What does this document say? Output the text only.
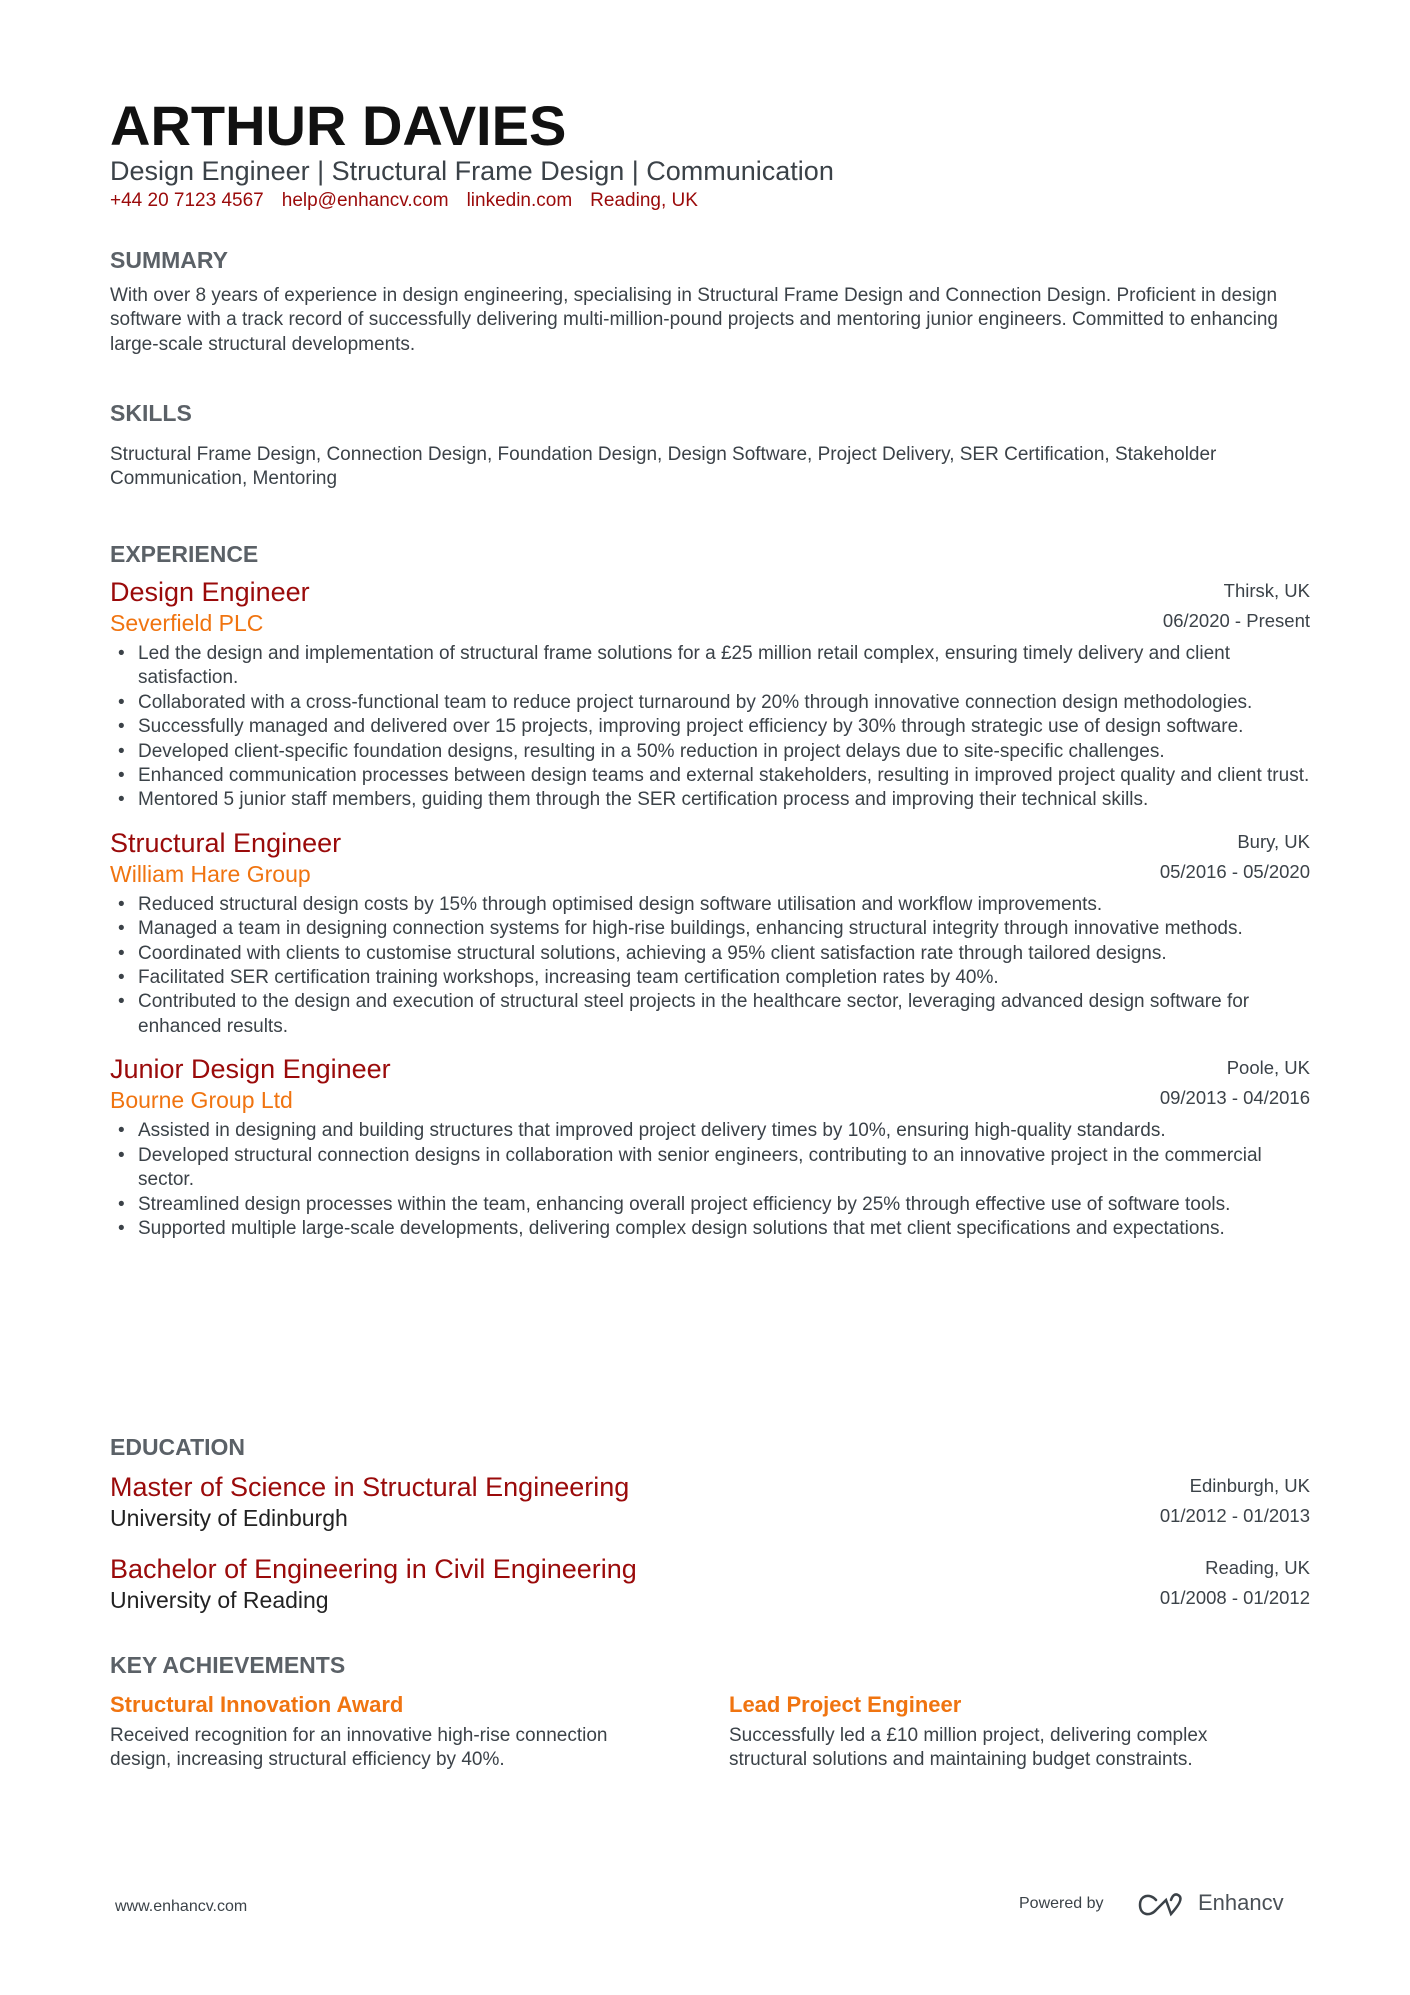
ARTHUR DAVIES
Design Engineer | Structural Frame Design | Communication
+44 20 7123 4567 help@enhancv.com linkedin.com Reading, UK
SUMMARY
With over 8 years of experience in design engineering, specialising in Structural Frame Design and Connection Design. Proficient in design software with a track record of successfully delivering multi-million-pound projects and mentoring junior engineers. Committed to enhancing large-scale structural developments.
SKILLS
Structural Frame Design, Connection Design, Foundation Design, Design Software, Project Delivery, SER Certification, Stakeholder Communication, Mentoring
EXPERIENCE
Design Engineer
Severfield PLC
Thirsk, UK
06/2020 - Present
• Led the design and implementation of structural frame solutions for a £25 million retail complex, ensuring timely delivery and client satisfaction.
• Collaborated with a cross-functional team to reduce project turnaround by 20% through innovative connection design methodologies.
• Successfully managed and delivered over 15 projects, improving project efficiency by 30% through strategic use of design software.
• Developed client-specific foundation designs, resulting in a 50% reduction in project delays due to site-specific challenges.
• Enhanced communication processes between design teams and external stakeholders, resulting in improved project quality and client trust.
• Mentored 5 junior staff members, guiding them through the SER certification process and improving their technical skills.
Structural Engineer
William Hare Group
Bury, UK
05/2016 - 05/2020
• Reduced structural design costs by 15% through optimised design software utilisation and workflow improvements.
• Managed a team in designing connection systems for high-rise buildings, enhancing structural integrity through innovative methods.
• Coordinated with clients to customise structural solutions, achieving a 95% client satisfaction rate through tailored designs.
• Facilitated SER certification training workshops, increasing team certification completion rates by 40%.
• Contributed to the design and execution of structural steel projects in the healthcare sector, leveraging advanced design software for enhanced results.
Junior Design Engineer
Bourne Group Ltd
Poole, UK
09/2013 - 04/2016
• Assisted in designing and building structures that improved project delivery times by 10%, ensuring high-quality standards.
• Developed structural connection designs in collaboration with senior engineers, contributing to an innovative project in the commercial sector.
• Streamlined design processes within the team, enhancing overall project efficiency by 25% through effective use of software tools.
• Supported multiple large-scale developments, delivering complex design solutions that met client specifications and expectations.
EDUCATION
Master of Science in Structural Engineering
University of Edinburgh
Edinburgh, UK
01/2012 - 01/2013
Bachelor of Engineering in Civil Engineering
University of Reading
Reading, UK
01/2008 - 01/2012
KEY ACHIEVEMENTS
Structural Innovation Award
Received recognition for an innovative high-rise connection design, increasing structural efficiency by 40%.
Lead Project Engineer
Successfully led a £10 million project, delivering complex structural solutions and maintaining budget constraints.
www.enhancv.com	Powered by	Enhancv
